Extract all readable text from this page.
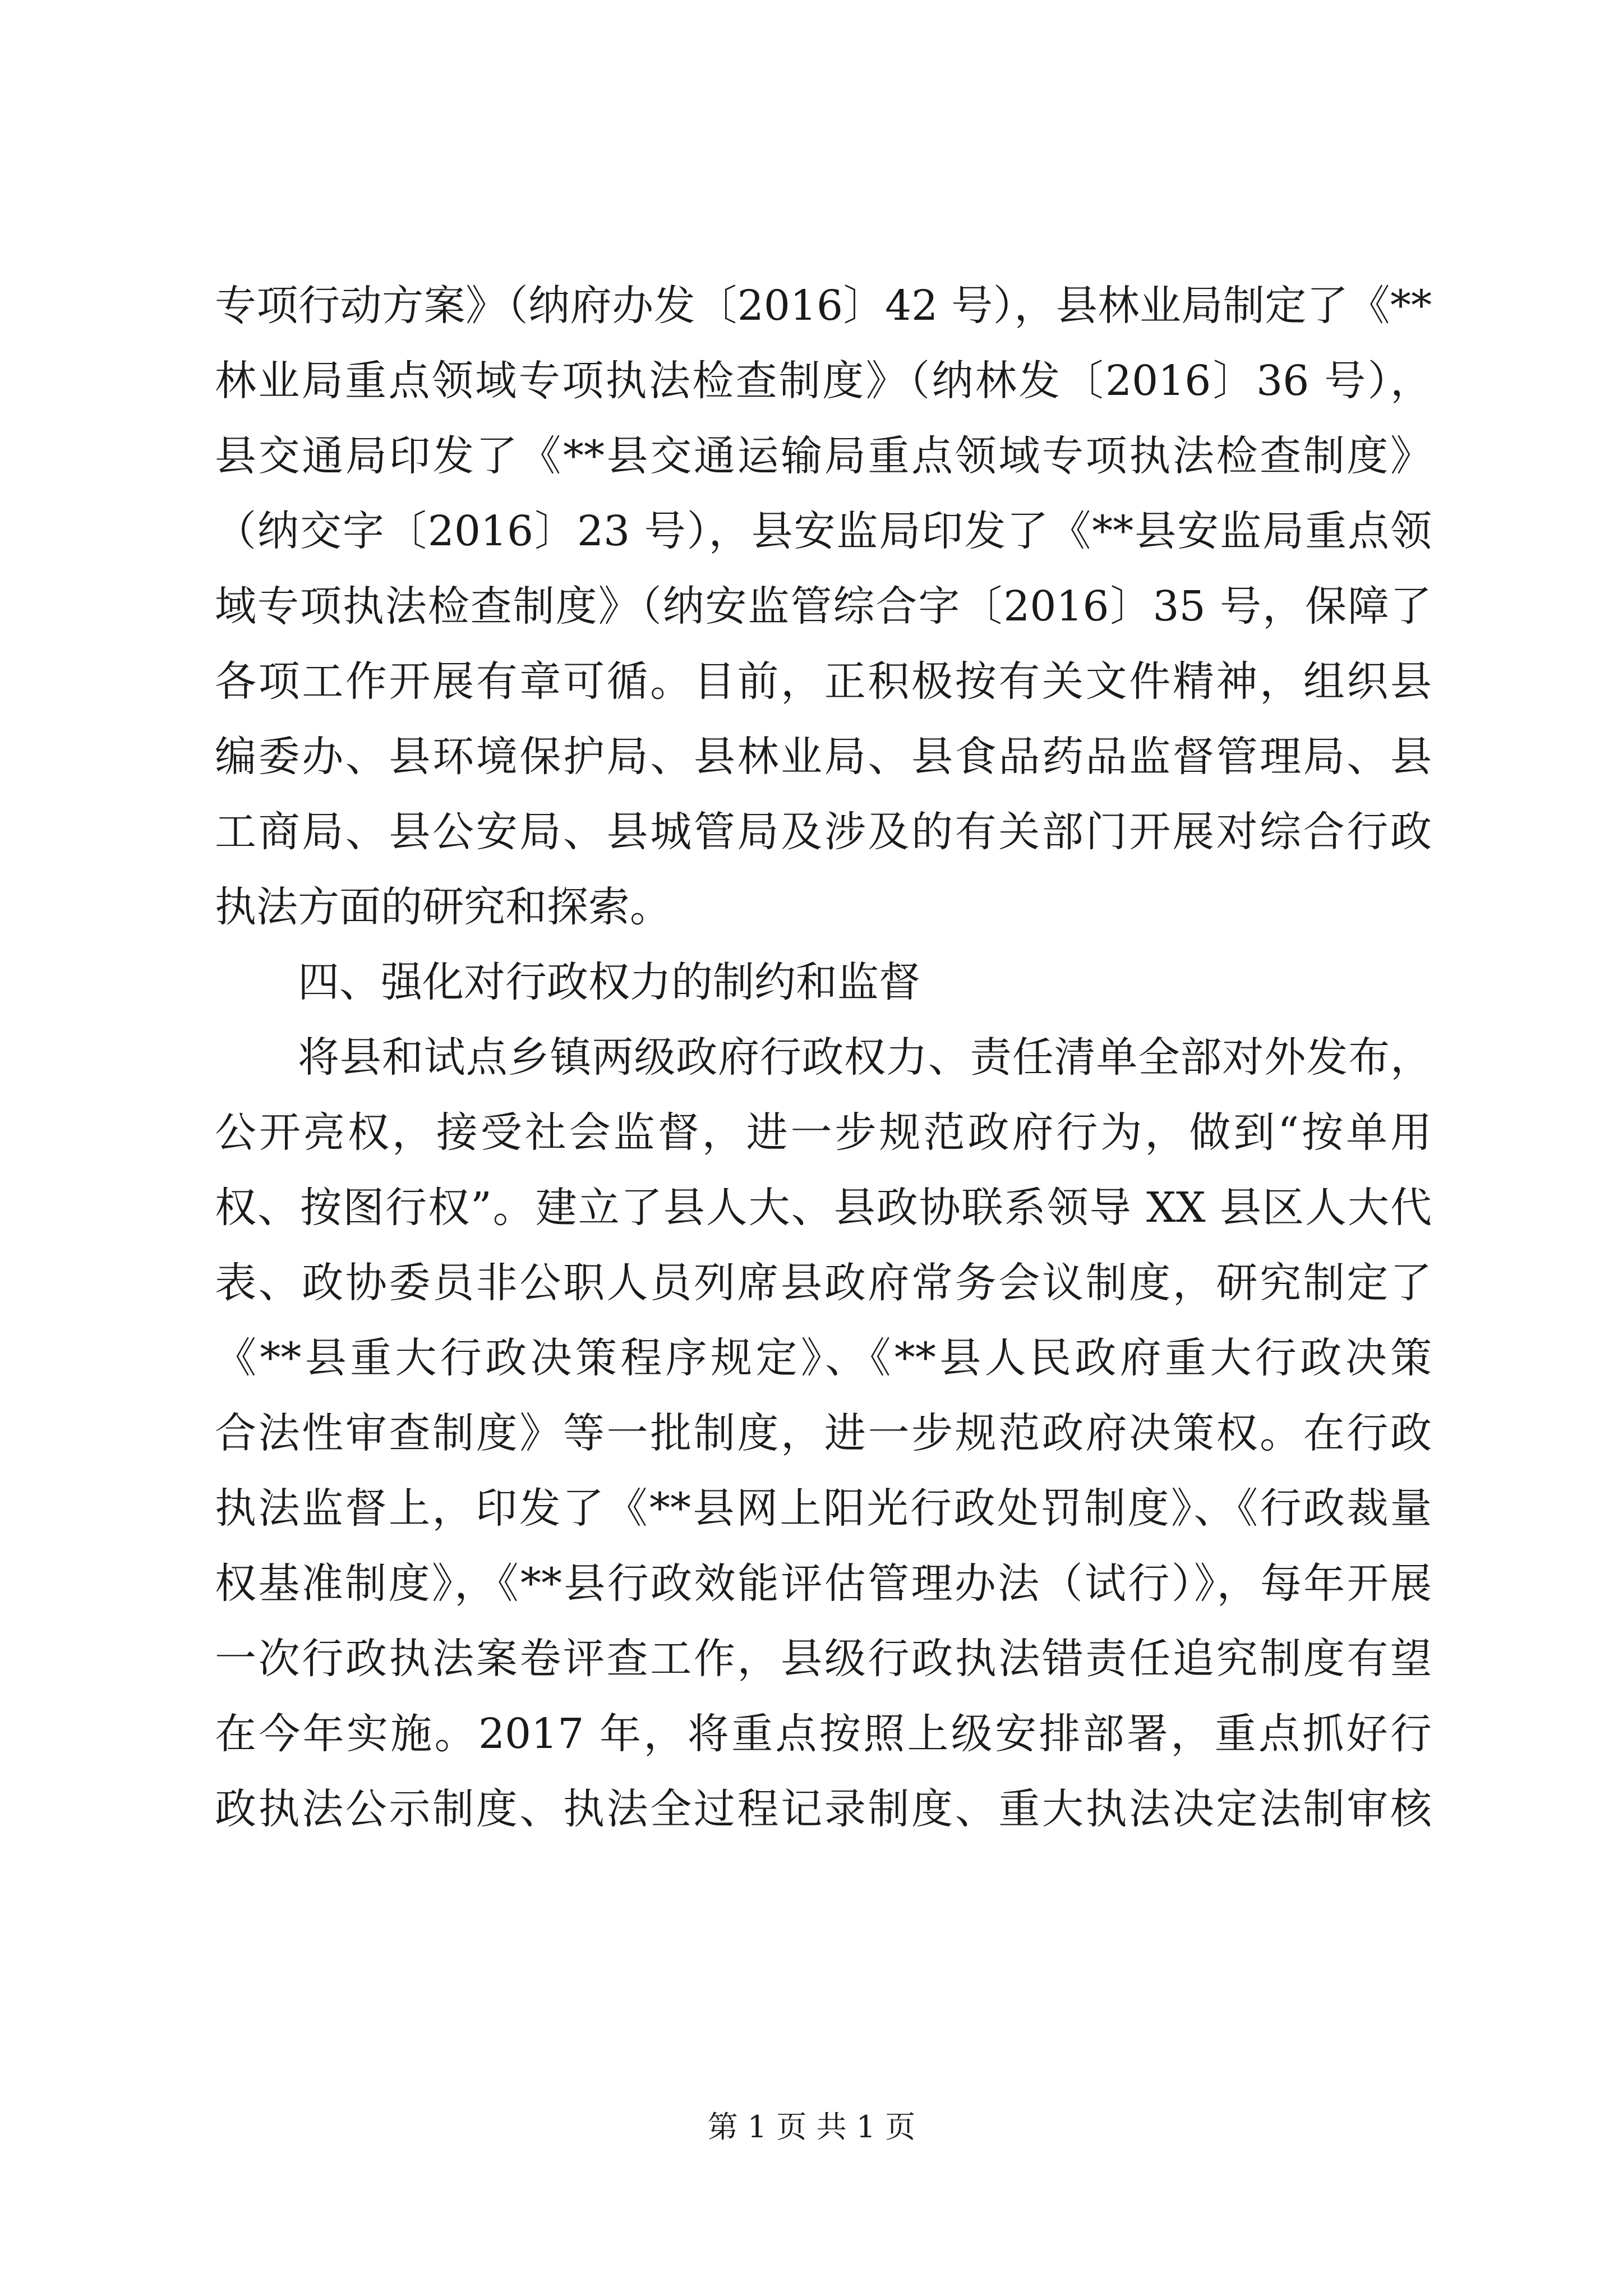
专项行动方案》（纳府办发〔2016〕42 号），县林业局制定了《**
林业局重点领域专项执法检查制度》（纳林发〔2016〕36 号），
县交通局印发了《**县交通运输局重点领域专项执法检查制度》
（纳交字〔2016〕23 号），县安监局印发了《**县安监局重点领
域专项执法检查制度》（纳安监管综合字〔2016〕35 号，保障了
各项工作开展有章可循。目前，正积极按有关文件精神，组织县
编委办、县环境保护局、县林业局、县食品药品监督管理局、县
工商局、县公安局、县城管局及涉及的有关部门开展对综合行政
执法方面的研究和探索。
四、强化对行政权力的制约和监督
将县和试点乡镇两级政府行政权力、责任清单全部对外发布，
公开亮权，接受社会监督，进一步规范政府行为，做到“按单用
权、按图行权”。建立了县人大、县政协联系领导 XX 县区人大代
表、政协委员非公职人员列席县政府常务会议制度，研究制定了
《**县重大行政决策程序规定》、《**县人民政府重大行政决策
合法性审查制度》等一批制度，进一步规范政府决策权。在行政
执法监督上，印发了《**县网上阳光行政处罚制度》、《行政裁量
权基准制度》，《**县行政效能评估管理办法（试行）》，每年开展
一次行政执法案卷评查工作，县级行政执法错责任追究制度有望
在今年实施。2017 年，将重点按照上级安排部署，重点抓好行
政执法公示制度、执法全过程记录制度、重大执法决定法制审核
第 1 页 共 1 页
